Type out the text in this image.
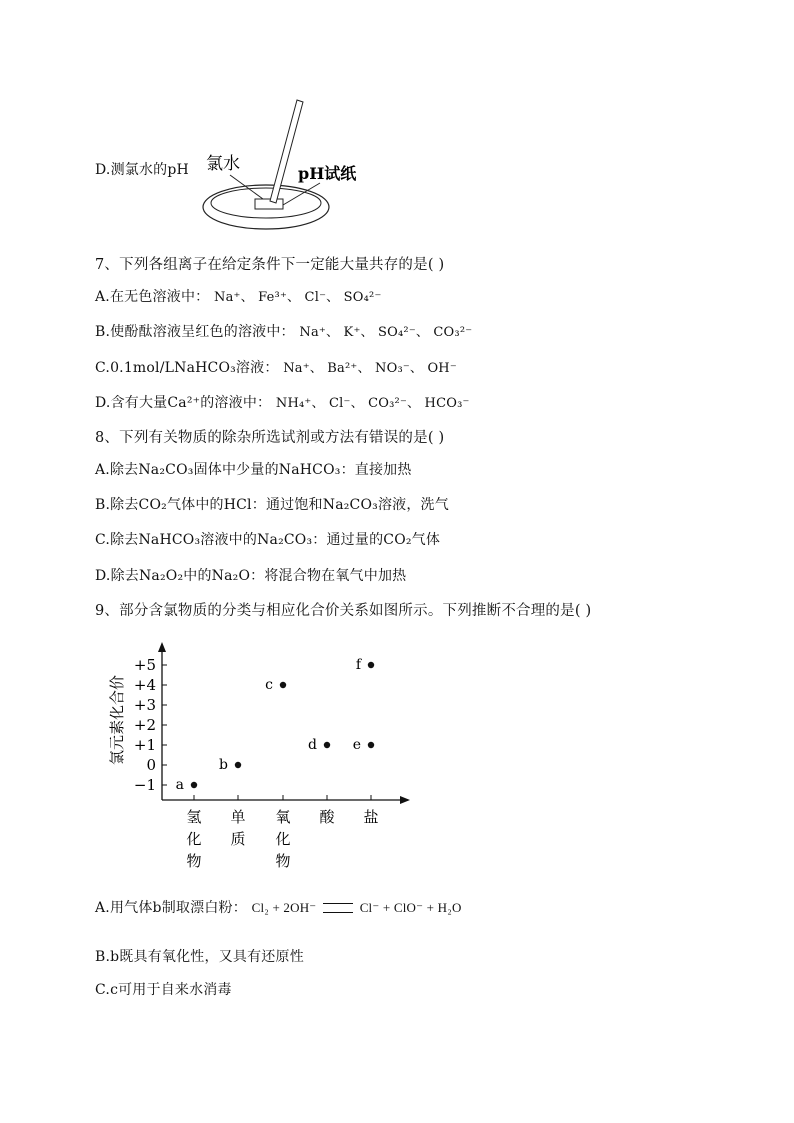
D.测氯水的pH 氯水	pH试纸
7、下列各组离子在给定条件下一定能大量共存的是( )
A.在无色溶液中： Na⁺、 Fe³⁺、 Cl⁻、 SO₄²⁻
B.使酚酞溶液呈红色的溶液中： Na⁺、 K⁺、 SO₄²⁻、 CO₃²⁻
C.0.1mol/LNaHCO₃溶液： Na⁺、 Ba²⁺、 NO₃⁻、 OH⁻
D.含有大量Ca²⁺的溶液中： NH₄⁺、 Cl⁻、 CO₃²⁻、 HCO₃⁻
8、下列有关物质的除杂所选试剂或方法有错误的是( )
A.除去Na₂CO₃固体中少量的NaHCO₃：直接加热
B.除去CO₂气体中的HCl：通过饱和Na₂CO₃溶液，洗气
C.除去NaHCO₃溶液中的Na₂CO₃：通过量的CO₂气体
D.除去Na₂O₂中的Na₂O：将混合物在氧气中加热
9、部分含氯物质的分类与相应化合价关系如图所示。下列推断不合理的是( )
氯元素化合价
+5
+4
+3
+2
+1
0
−1
氢
化
物
单
质
氧
化
物
酸 盐
a
b
c
d	e
f
A.用气体b制取漂白粉： Cl₂ + 2OH⁻	Cl⁻ + ClO⁻ + H₂O
B.b既具有氧化性，又具有还原性
C.c可用于自来水消毒
